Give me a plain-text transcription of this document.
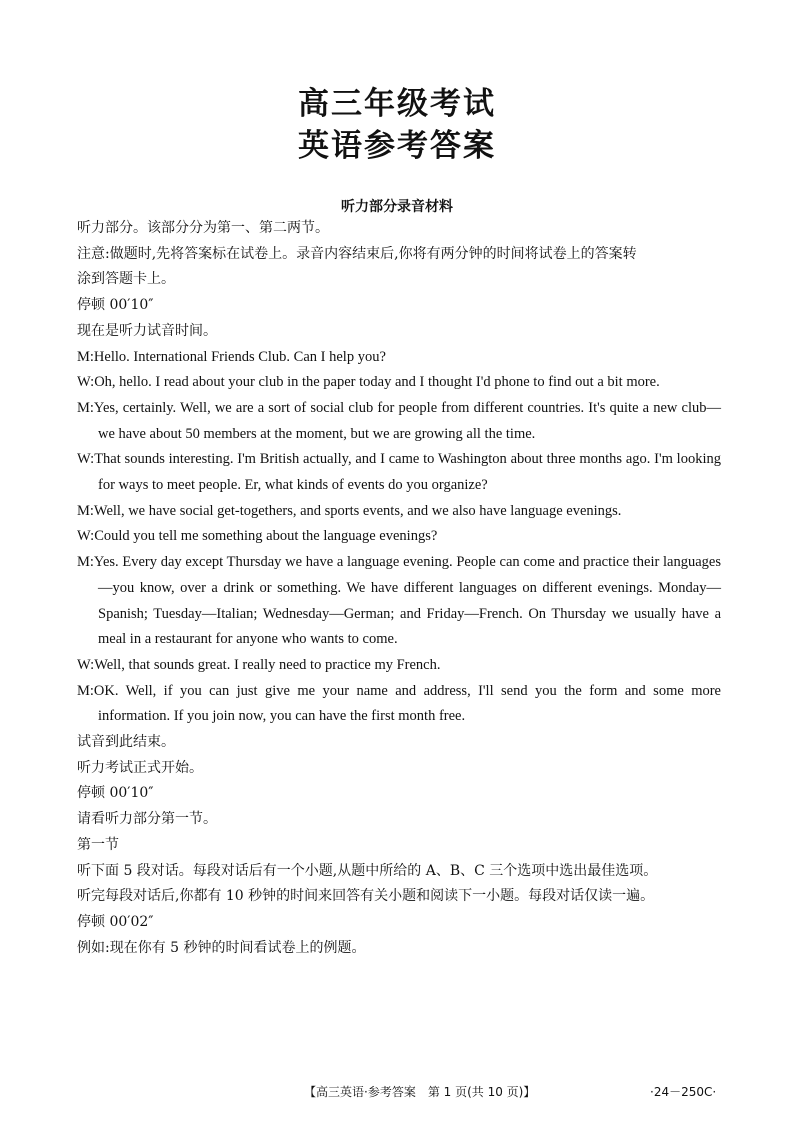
高三年级考试
英语参考答案
听力部分录音材料
听力部分。该部分分为第一、第二两节。
注意:做题时,先将答案标在试卷上。录音内容结束后,你将有两分钟的时间将试卷上的答案转
涂到答题卡上。
停顿 00′10″
现在是听力试音时间。
M:Hello. International Friends Club. Can I help you?
W:Oh, hello. I read about your club in the paper today and I thought I'd phone to find out a bit more.
M:Yes, certainly. Well, we are a sort of social club for people from different countries. It's quite a new club—we have about 50 members at the moment, but we are growing all the time.
W:That sounds interesting. I'm British actually, and I came to Washington about three months ago. I'm looking for ways to meet people. Er, what kinds of events do you organize?
M:Well, we have social get-togethers, and sports events, and we also have language evenings.
W:Could you tell me something about the language evenings?
M:Yes. Every day except Thursday we have a language evening. People can come and practice their languages—you know, over a drink or something. We have different languages on different evenings. Monday—Spanish; Tuesday—Italian; Wednesday—German; and Friday—French. On Thursday we usually have a meal in a restaurant for anyone who wants to come.
W:Well, that sounds great. I really need to practice my French.
M:OK. Well, if you can just give me your name and address, I'll send you the form and some more information. If you join now, you can have the first month free.
试音到此结束。
听力考试正式开始。
停顿 00′10″
请看听力部分第一节。
第一节
听下面 5 段对话。每段对话后有一个小题,从题中所给的 A、B、C 三个选项中选出最佳选项。
听完每段对话后,你都有 10 秒钟的时间来回答有关小题和阅读下一小题。每段对话仅读一遍。
停顿 00′02″
例如:现在你有 5 秒钟的时间看试卷上的例题。
【高三英语·参考答案　第 1 页(共 10 页)】	·24－250C·
